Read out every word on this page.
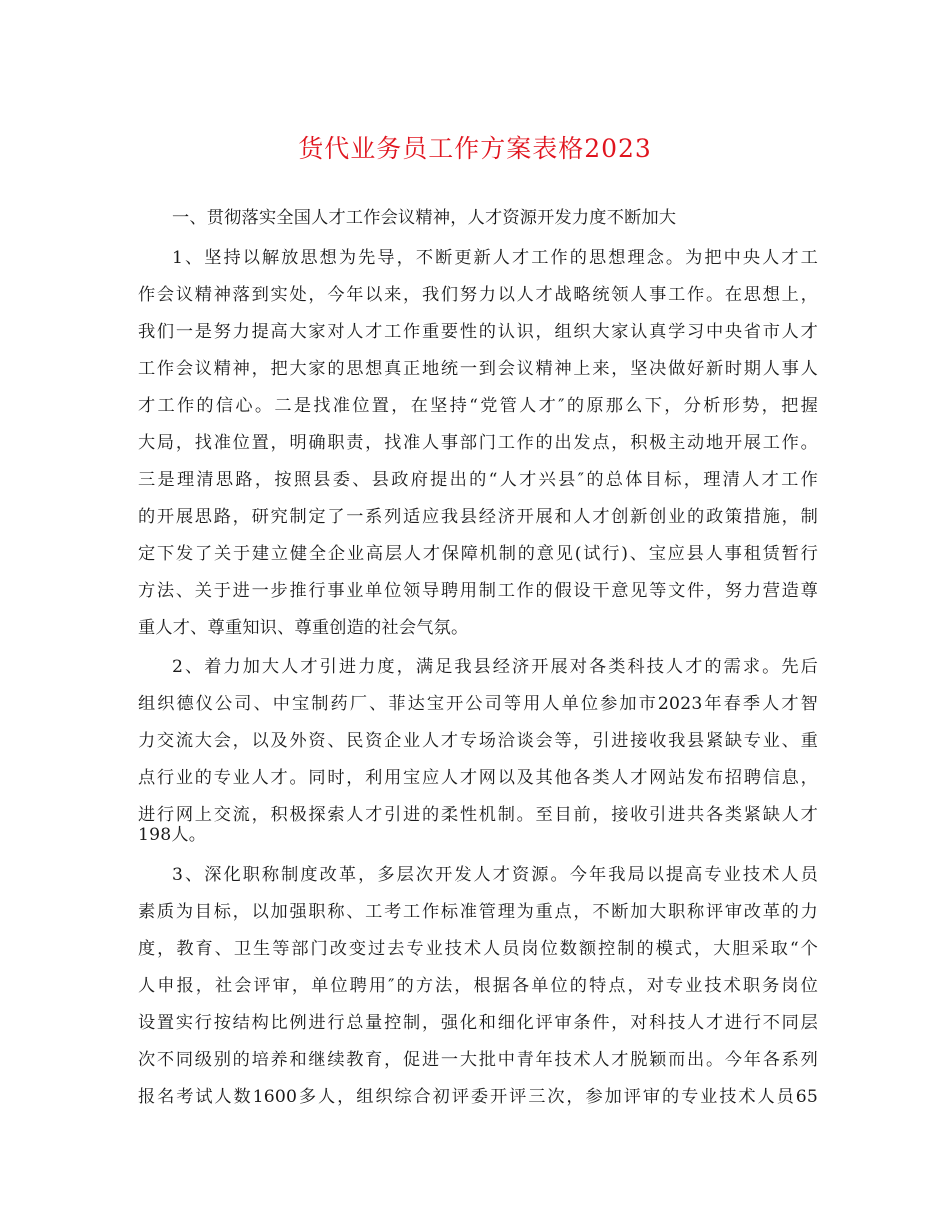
货代业务员工作方案表格2023
一、贯彻落实全国人才工作会议精神，人才资源开发力度不断加大
1、坚持以解放思想为先导，不断更新人才工作的思想理念。为把中央人才工
作会议精神落到实处，今年以来，我们努力以人才战略统领人事工作。在思想上，
我们一是努力提高大家对人才工作重要性的认识，组织大家认真学习中央省市人才
工作会议精神，把大家的思想真正地统一到会议精神上来，坚决做好新时期人事人
才工作的信心。二是找准位置，在坚持“党管人才″的原那么下，分析形势，把握
大局，找准位置，明确职责，找准人事部门工作的出发点，积极主动地开展工作。
三是理清思路，按照县委、县政府提出的“人才兴县″的总体目标，理清人才工作
的开展思路，研究制定了一系列适应我县经济开展和人才创新创业的政策措施，制
定下发了关于建立健全企业高层人才保障机制的意见(试行)、宝应县人事租赁暂行
方法、关于进一步推行事业单位领导聘用制工作的假设干意见等文件，努力营造尊
重人才、尊重知识、尊重创造的社会气氛。
2、着力加大人才引进力度，满足我县经济开展对各类科技人才的需求。先后
组织德仪公司、中宝制药厂、菲达宝开公司等用人单位参加市2023年春季人才智
力交流大会，以及外资、民资企业人才专场洽谈会等，引进接收我县紧缺专业、重
点行业的专业人才。同时，利用宝应人才网以及其他各类人才网站发布招聘信息，
进行网上交流，积极探索人才引进的柔性机制。至目前，接收引进共各类紧缺人才
198人。
3、深化职称制度改革，多层次开发人才资源。今年我局以提高专业技术人员
素质为目标，以加强职称、工考工作标准管理为重点，不断加大职称评审改革的力
度，教育、卫生等部门改变过去专业技术人员岗位数额控制的模式，大胆采取“个
人申报，社会评审，单位聘用″的方法，根据各单位的特点，对专业技术职务岗位
设置实行按结构比例进行总量控制，强化和细化评审条件，对科技人才进行不同层
次不同级别的培养和继续教育，促进一大批中青年技术人才脱颖而出。今年各系列
报名考试人数1600多人，组织综合初评委开评三次，参加评审的专业技术人员65
